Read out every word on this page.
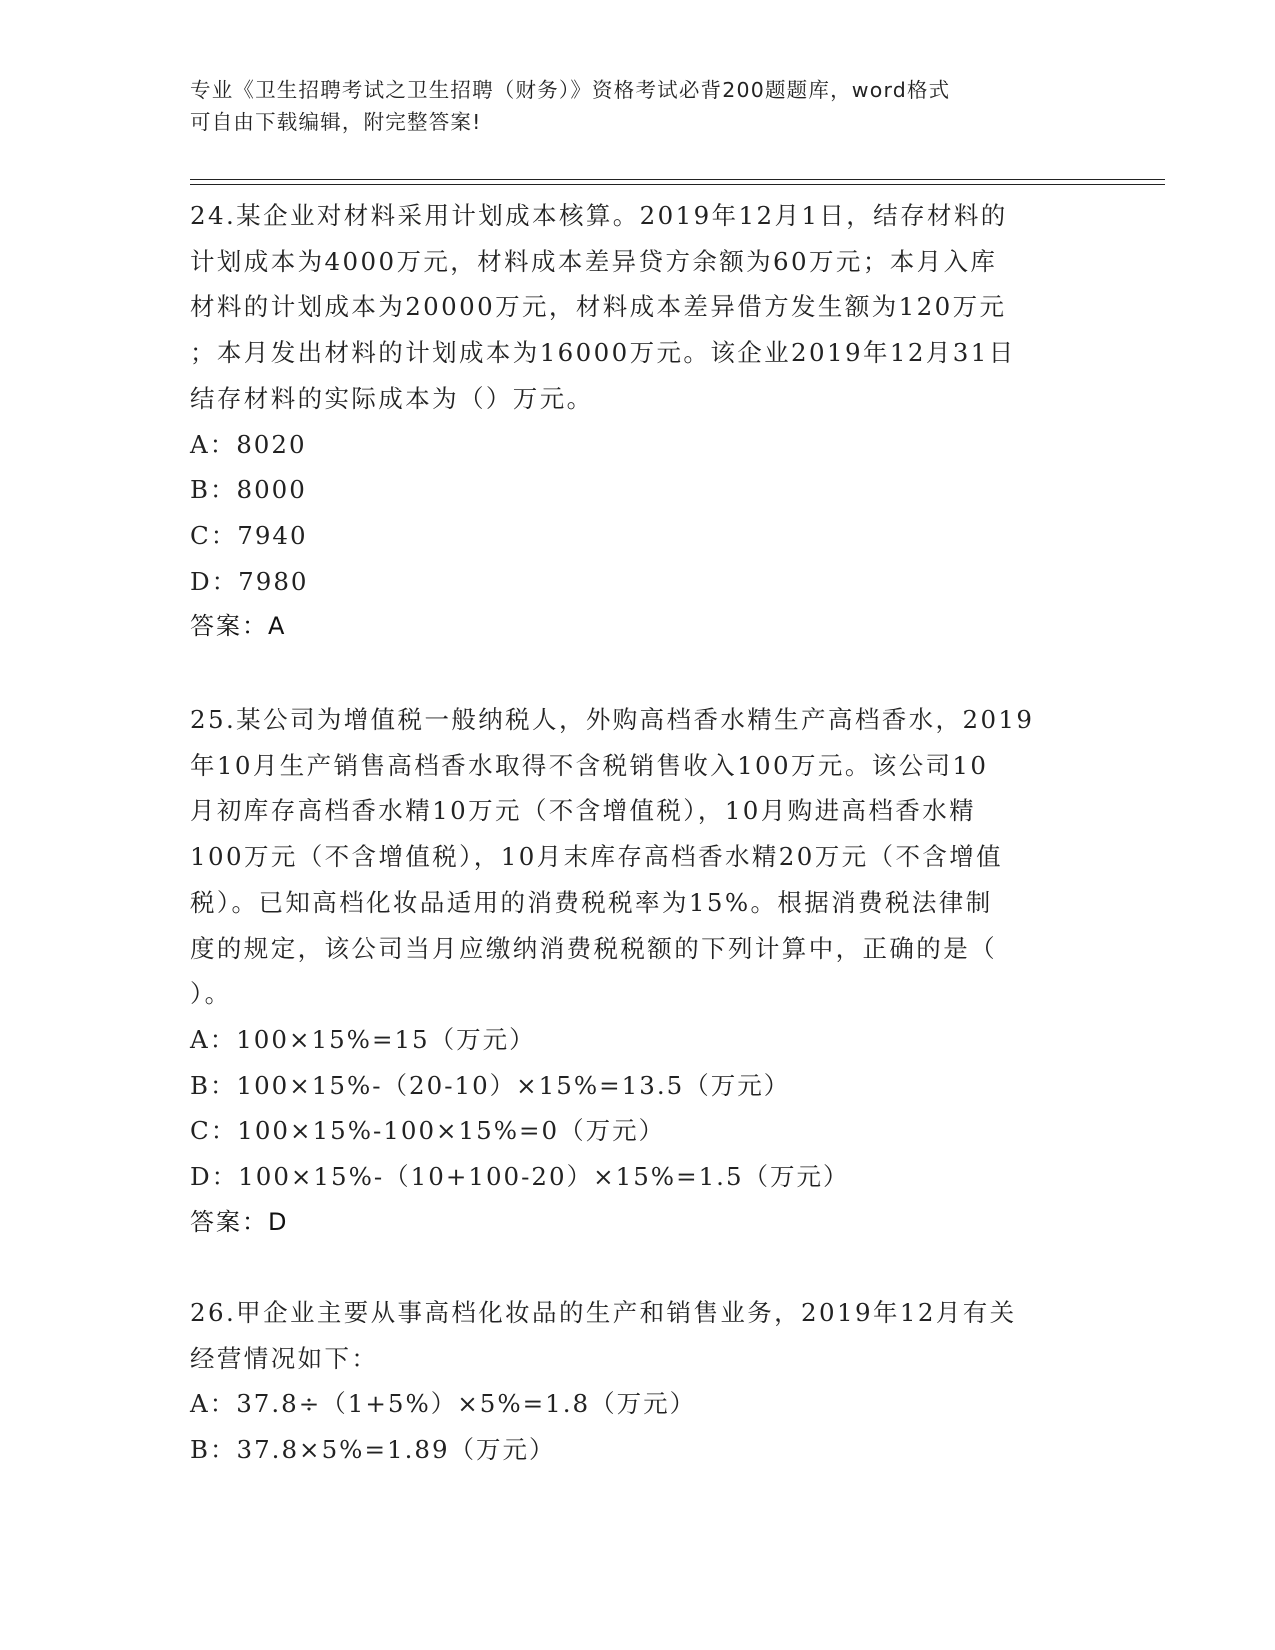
专业《卫生招聘考试之卫生招聘（财务）》资格考试必背200题题库，word格式
可自由下载编辑，附完整答案!
24.某企业对材料采用计划成本核算。2019年12月1日，结存材料的
计划成本为4000万元，材料成本差异贷方余额为60万元；本月入库
材料的计划成本为20000万元，材料成本差异借方发生额为120万元
；本月发出材料的计划成本为16000万元。该企业2019年12月31日
结存材料的实际成本为（）万元。
A：8020
B：8000
C：7940
D：7980
答案：A
25.某公司为增值税一般纳税人，外购高档香水精生产高档香水，2019
年10月生产销售高档香水取得不含税销售收入100万元。该公司10
月初库存高档香水精10万元（不含增值税），10月购进高档香水精
100万元（不含增值税），10月末库存高档香水精20万元（不含增值
税）。已知高档化妆品适用的消费税税率为15%。根据消费税法律制
度的规定，该公司当月应缴纳消费税税额的下列计算中，正确的是（
）。
A：100×15%=15（万元）
B：100×15%-（20-10）×15%=13.5（万元）
C：100×15%-100×15%=0（万元）
D：100×15%-（10+100-20）×15%=1.5（万元）
答案：D
26.甲企业主要从事高档化妆品的生产和销售业务，2019年12月有关
经营情况如下：
A：37.8÷（1+5%）×5%=1.8（万元）
B：37.8×5%=1.89（万元）
